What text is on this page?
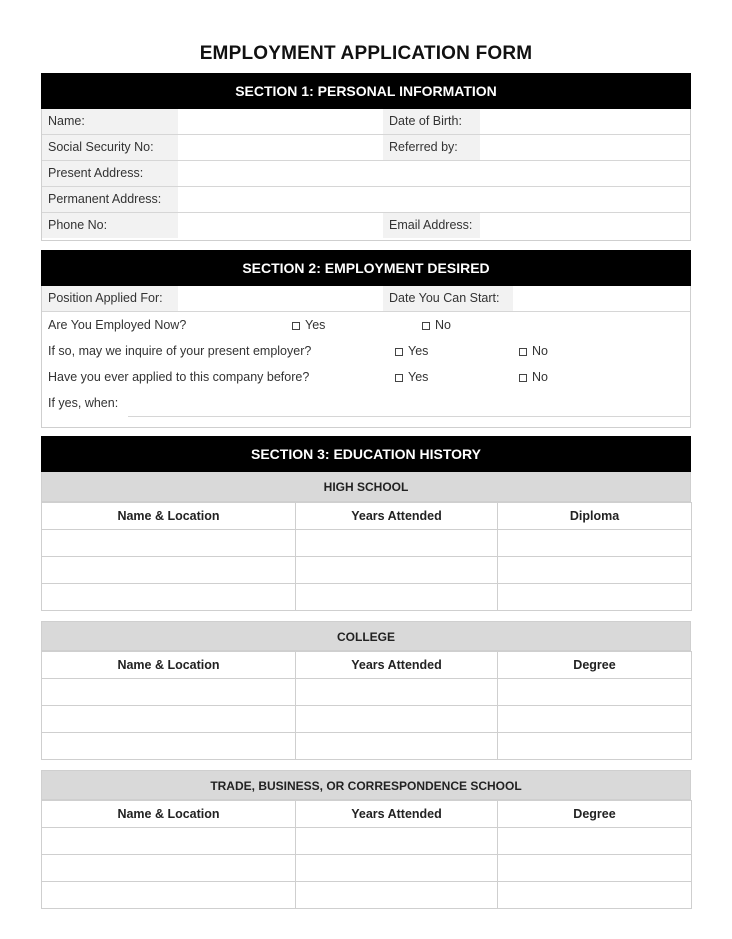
EMPLOYMENT APPLICATION FORM
SECTION 1: PERSONAL INFORMATION
Name:	Date of Birth:
Social Security No:	Referred by:
Present Address:
Permanent Address:
Phone No:	Email Address:
SECTION 2: EMPLOYMENT DESIRED
Position Applied For:	Date You Can Start:
Are You Employed Now?	Yes	No
If so, may we inquire of your present employer?	Yes	No
Have you ever applied to this company before?	Yes	No
If yes, when:
SECTION 3: EDUCATION HISTORY
HIGH SCHOOL
Name & Location	Years Attended	Diploma

COLLEGE
Name & Location	Years Attended	Degree

TRADE, BUSINESS, OR CORRESPONDENCE SCHOOL
Name & Location	Years Attended	Degree
